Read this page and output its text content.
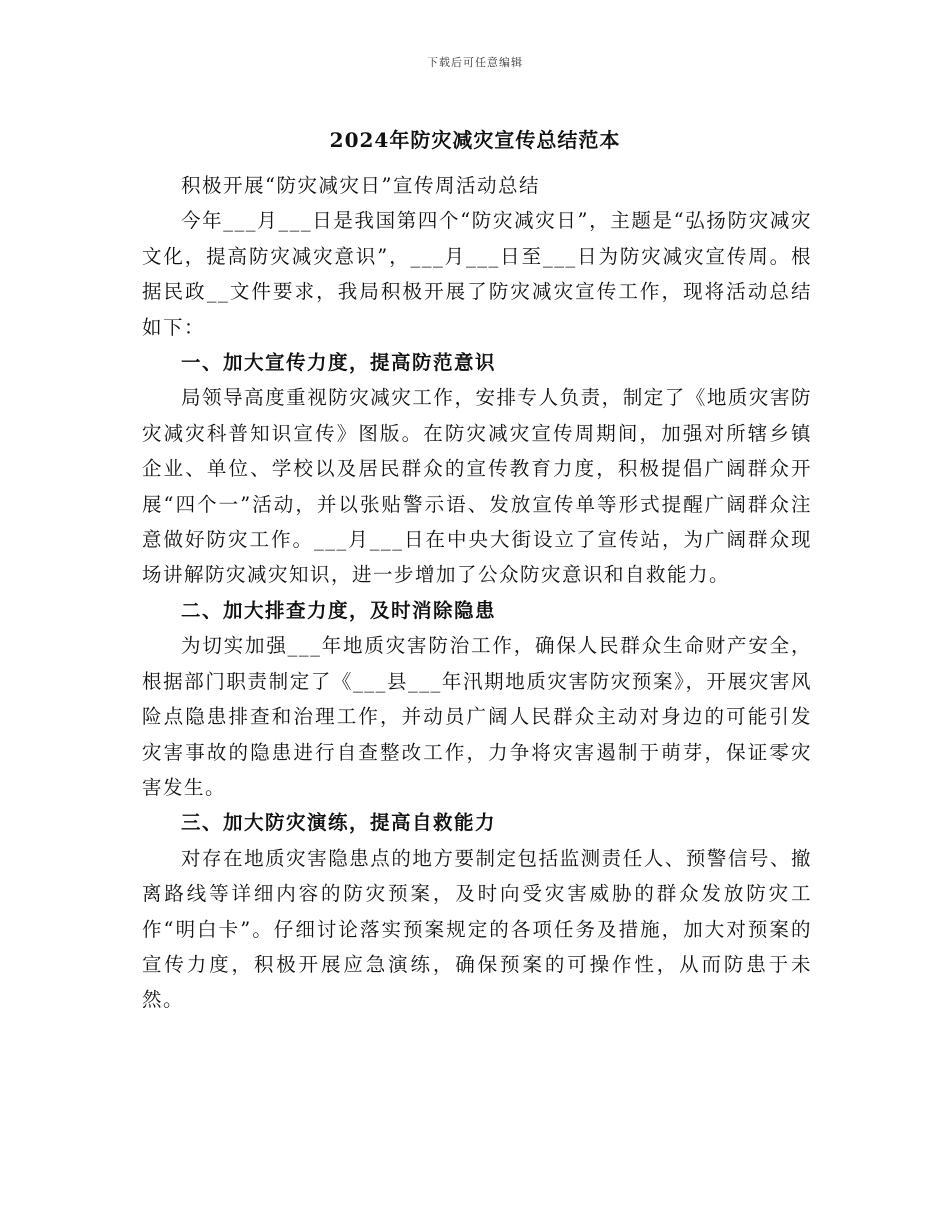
下载后可任意编辑
2024年防灾减灾宣传总结范本

积极开展“防灾减灾日”宣传周活动总结

今年___月___日是我国第四个“防灾减灾日”，主题是“弘扬防灾减灾文化，提高防灾减灾意识”，___月___日至___日为防灾减灾宣传周。根据民政__文件要求，我局积极开展了防灾减灾宣传工作，现将活动总结如下：

一、加大宣传力度，提高防范意识

局领导高度重视防灾减灾工作，安排专人负责，制定了《地质灾害防灾减灾科普知识宣传》图版。在防灾减灾宣传周期间，加强对所辖乡镇企业、单位、学校以及居民群众的宣传教育力度，积极提倡广阔群众开展“四个一”活动，并以张贴警示语、发放宣传单等形式提醒广阔群众注意做好防灾工作。___月___日在中央大街设立了宣传站，为广阔群众现场讲解防灾减灾知识，进一步增加了公众防灾意识和自救能力。

二、加大排查力度，及时消除隐患

为切实加强___年地质灾害防治工作，确保人民群众生命财产安全，根据部门职责制定了《___县___年汛期地质灾害防灾预案》，开展灾害风险点隐患排查和治理工作，并动员广阔人民群众主动对身边的可能引发灾害事故的隐患进行自查整改工作，力争将灾害遏制于萌芽，保证零灾害发生。

三、加大防灾演练，提高自救能力

对存在地质灾害隐患点的地方要制定包括监测责任人、预警信号、撤离路线等详细内容的防灾预案，及时向受灾害威胁的群众发放防灾工作“明白卡”。仔细讨论落实预案规定的各项任务及措施，加大对预案的宣传力度，积极开展应急演练，确保预案的可操作性，从而防患于未然。
